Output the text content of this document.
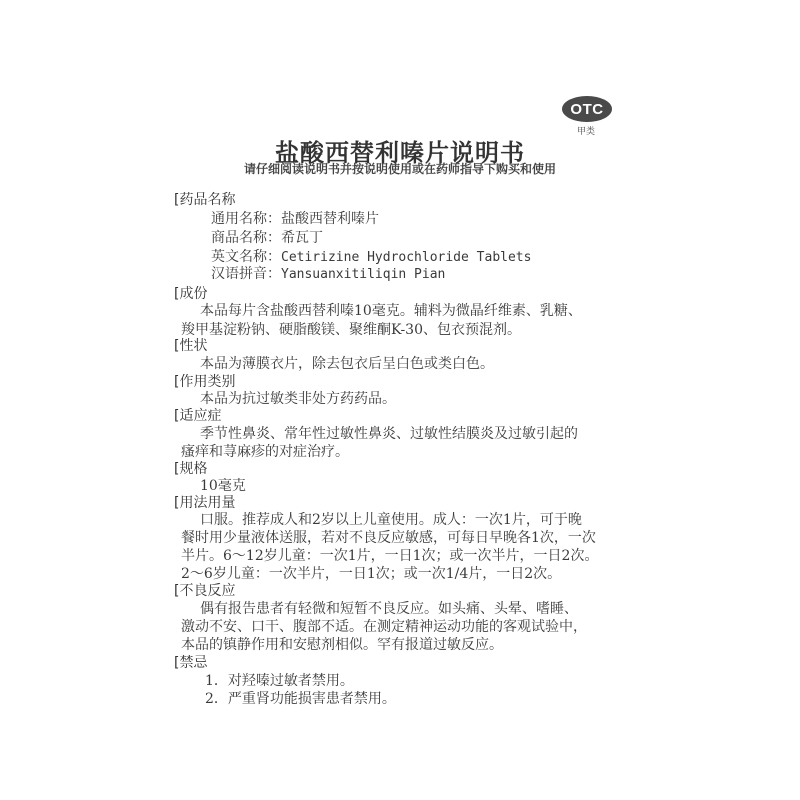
OTC
甲类
盐酸西替利嗪片说明书
请仔细阅读说明书并按说明使用或在药师指导下购买和使用
[ 药品名称
通用名称：盐酸西替利嗪片
商品名称：希瓦丁
英文名称：Cetirizine Hydrochloride Tablets
汉语拼音：Yansuanxitiliqin Pian
[ 成份
本品每片含盐酸西替利嗪10毫克。辅料为微晶纤维素、乳糖、
羧甲基淀粉钠、硬脂酸镁、聚维酮K-30、包衣预混剂。
[ 性状
本品为薄膜衣片，除去包衣后呈白色或类白色。
[ 作用类别
本品为抗过敏类非处方药药品。
[ 适应症
季节性鼻炎、常年性过敏性鼻炎、过敏性结膜炎及过敏引起的
瘙痒和荨麻疹的对症治疗。
[ 规格
10毫克
[ 用法用量
口服。推荐成人和2岁以上儿童使用。成人：一次1片，可于晚
餐时用少量液体送服，若对不良反应敏感，可每日早晚各1次，一次
半片。6～12岁儿童：一次1片，一日1次；或一次半片，一日2次。
2～6岁儿童：一次半片，一日1次；或一次1/4片，一日2次。
[ 不良反应
偶有报告患者有轻微和短暂不良反应。如头痛、头晕、嗜睡、
激动不安、口干、腹部不适。在测定精神运动功能的客观试验中，
本品的镇静作用和安慰剂相似。罕有报道过敏反应。
[ 禁忌
1．对羟嗪过敏者禁用。
2．严重肾功能损害患者禁用。
